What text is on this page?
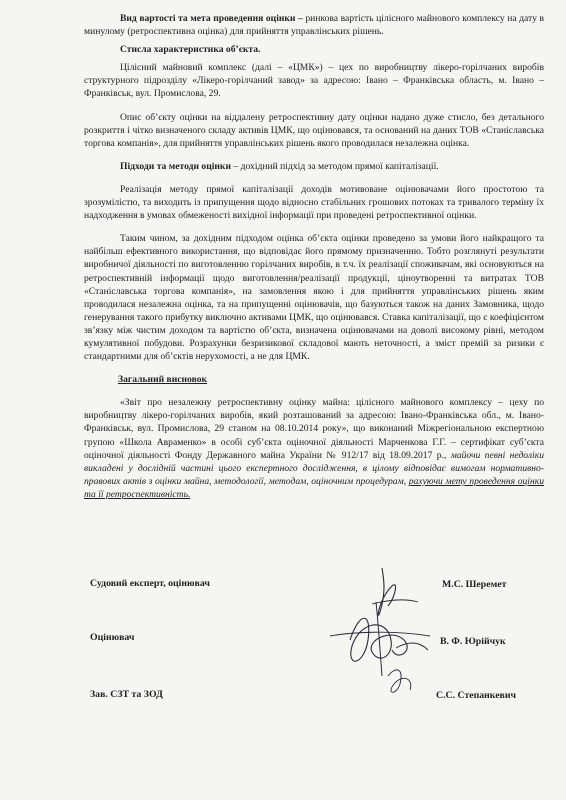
Вид вартості та мета проведення оцінки – ринкова вартість цілісного майнового комплексу на дату в минулому (ретроспективна оцінка) для прийняття управлінських рішень.

Стисла характеристика об’єкта.

Цілісний майновий комплекс (далі – «ЦМК») – цех по виробництву лікеро-горілчаних виробів структурного підрозділу «Лікеро-горілчаний завод» за адресою: Івано – Франківська область, м. Івано – Франківськ, вул. Промислова, 29.

Опис об’єкту оцінки на віддалену ретроспективну дату оцінки надано дуже стисло, без детального розкриття і чітко визначеного складу активів ЦМК, що оцінювався, та оснований на даних ТОВ «Станіславська торгова компанія», для прийняття управлінських рішень якого проводилася незалежна оцінка.

Підходи та методи оцінки – дохідний підхід за методом прямої капіталізації.

Реалізація методу прямої капіталізації доходів мотивоване оцінювачами його простотою та зрозумілістю, та виходить із припущення щодо відносно стабільних грошових потоках та тривалого терміну їх надходження в умовах обмеженості вихідної інформації при проведені ретроспективної оцінки.

Таким чином, за дохідним підходом оцінка об’єкта оцінки проведено за умови його найкращого та найбільш ефективного використання, що відповідає його прямому призначенню. Тобто розглянуті результати виробничої діяльності по виготовленню горілчаних виробів, в т.ч. їх реалізації споживачам, які основуються на ретроспективній інформації щодо виготовлення/реалізації продукції, ціноутворенні та витратах ТОВ «Станіславська торгова компанія», на замовлення якою і для прийняття управлінських рішень яким проводилася незалежна оцінка, та на припущенні оцінювачів, що базуються також на даних Замовника, щодо генерування такого прибутку виключно активами ЦМК, що оцінювався. Ставка капіталізації, що є коефіцієнтом зв’язку між чистим доходом та вартістю об’єкта, визначена оцінювачами на доволі високому рівні, методом кумулятивної побудови. Розрахунки безризикової складової мають неточності, а зміст премій за ризики є стандартними для об’єктів нерухомості, а не для ЦМК.

Загальний висновок

«Звіт про незалежну ретроспективну оцінку майна: цілісного майнового комплексу – цеху по виробництву лікеро-горілчаних виробів, який розташований за адресою: Івано-Франківська обл., м. Івано-Франківськ, вул. Промислова, 29 станом на 08.10.2014 року», що виконаний Міжрегіональною експертною групою «Школа Авраменко» в особі суб’єкта оціночної діяльності Марченкова Г.Г. – сертифікат суб’єкта оціночної діяльності Фонду Державного майна України № 912/17 від 18.09.2017 р., майочи певні недоліки викладені у дослідній частині цього експертного дослідження, в цілому відповідає вимогам нормативно-правових актів з оцінки майна, методології, методам, оціночним процедурам, рахуючи мету проведення оцінки та її ретроспективність.

Судовий експерт, оцінювач	М.С. Шеремет
Оцінювач	В. Ф. Юрійчук
Зав. СЗТ та ЗОД	С.С. Степанкевич
